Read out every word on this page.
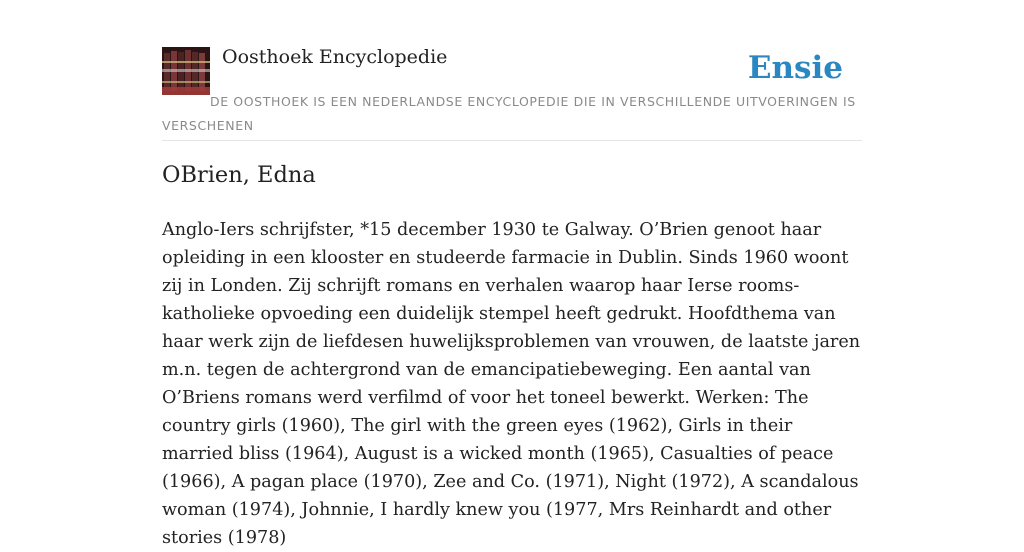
Oosthoek Encyclopedie	Ensie
DE OOSTHOEK IS EEN NEDERLANDSE ENCYCLOPEDIE DIE IN VERSCHILLENDE UITVOERINGEN IS VERSCHENEN
OBrien, Edna

Anglo-Iers schrijfster, *15 december 1930 te Galway. O’Brien genoot haar opleiding in een klooster en studeerde farmacie in Dublin. Sinds 1960 woont zij in Londen. Zij schrijft romans en verhalen waarop haar Ierse rooms-katholieke opvoeding een duidelijk stempel heeft gedrukt. Hoofdthema van haar werk zijn de liefdesen huwelijksproblemen van vrouwen, de laatste jaren m.n. tegen de achtergrond van de emancipatiebeweging. Een aantal van O’Briens romans werd verfilmd of voor het toneel bewerkt. Werken: The country girls (1960), The girl with the green eyes (1962), Girls in their married bliss (1964), August is a wicked month (1965), Casualties of peace (1966), A pagan place (1970), Zee and Co. (1971), Night (1972), A scandalous woman (1974), Johnnie, I hardly knew you (1977, Mrs Reinhardt and other stories (1978)
